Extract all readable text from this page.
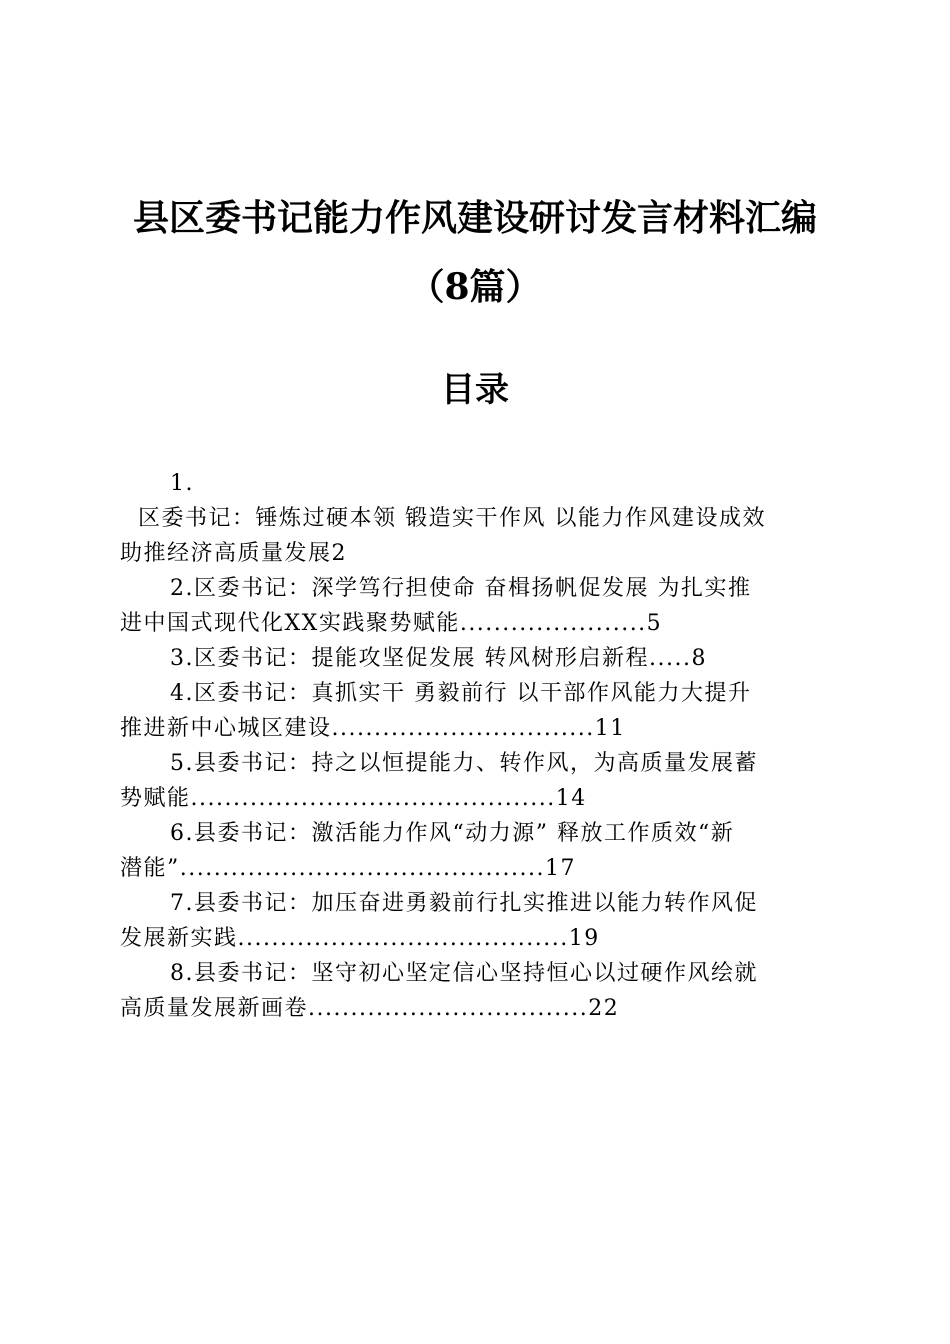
县区委书记能力作风建设研讨发言材料汇编
（8篇）
目录
1.
区委书记：锤炼过硬本领 锻造实干作风 以能力作风建设成效
助推经济高质量发展2
2.区委书记：深学笃行担使命 奋楫扬帆促发展 为扎实推
进中国式现代化XX实践聚势赋能......................5
3.区委书记：提能攻坚促发展 转风树形启新程.....8
4.区委书记：真抓实干 勇毅前行 以干部作风能力大提升
推进新中心城区建设...............................11
5.县委书记：持之以恒提能力、转作风，为高质量发展蓄
势赋能...........................................14
6.县委书记：激活能力作风“动力源” 释放工作质效“新
潜能”...........................................17
7.县委书记：加压奋进勇毅前行扎实推进以能力转作风促
发展新实践.......................................19
8.县委书记：坚守初心坚定信心坚持恒心以过硬作风绘就
高质量发展新画卷.................................22
